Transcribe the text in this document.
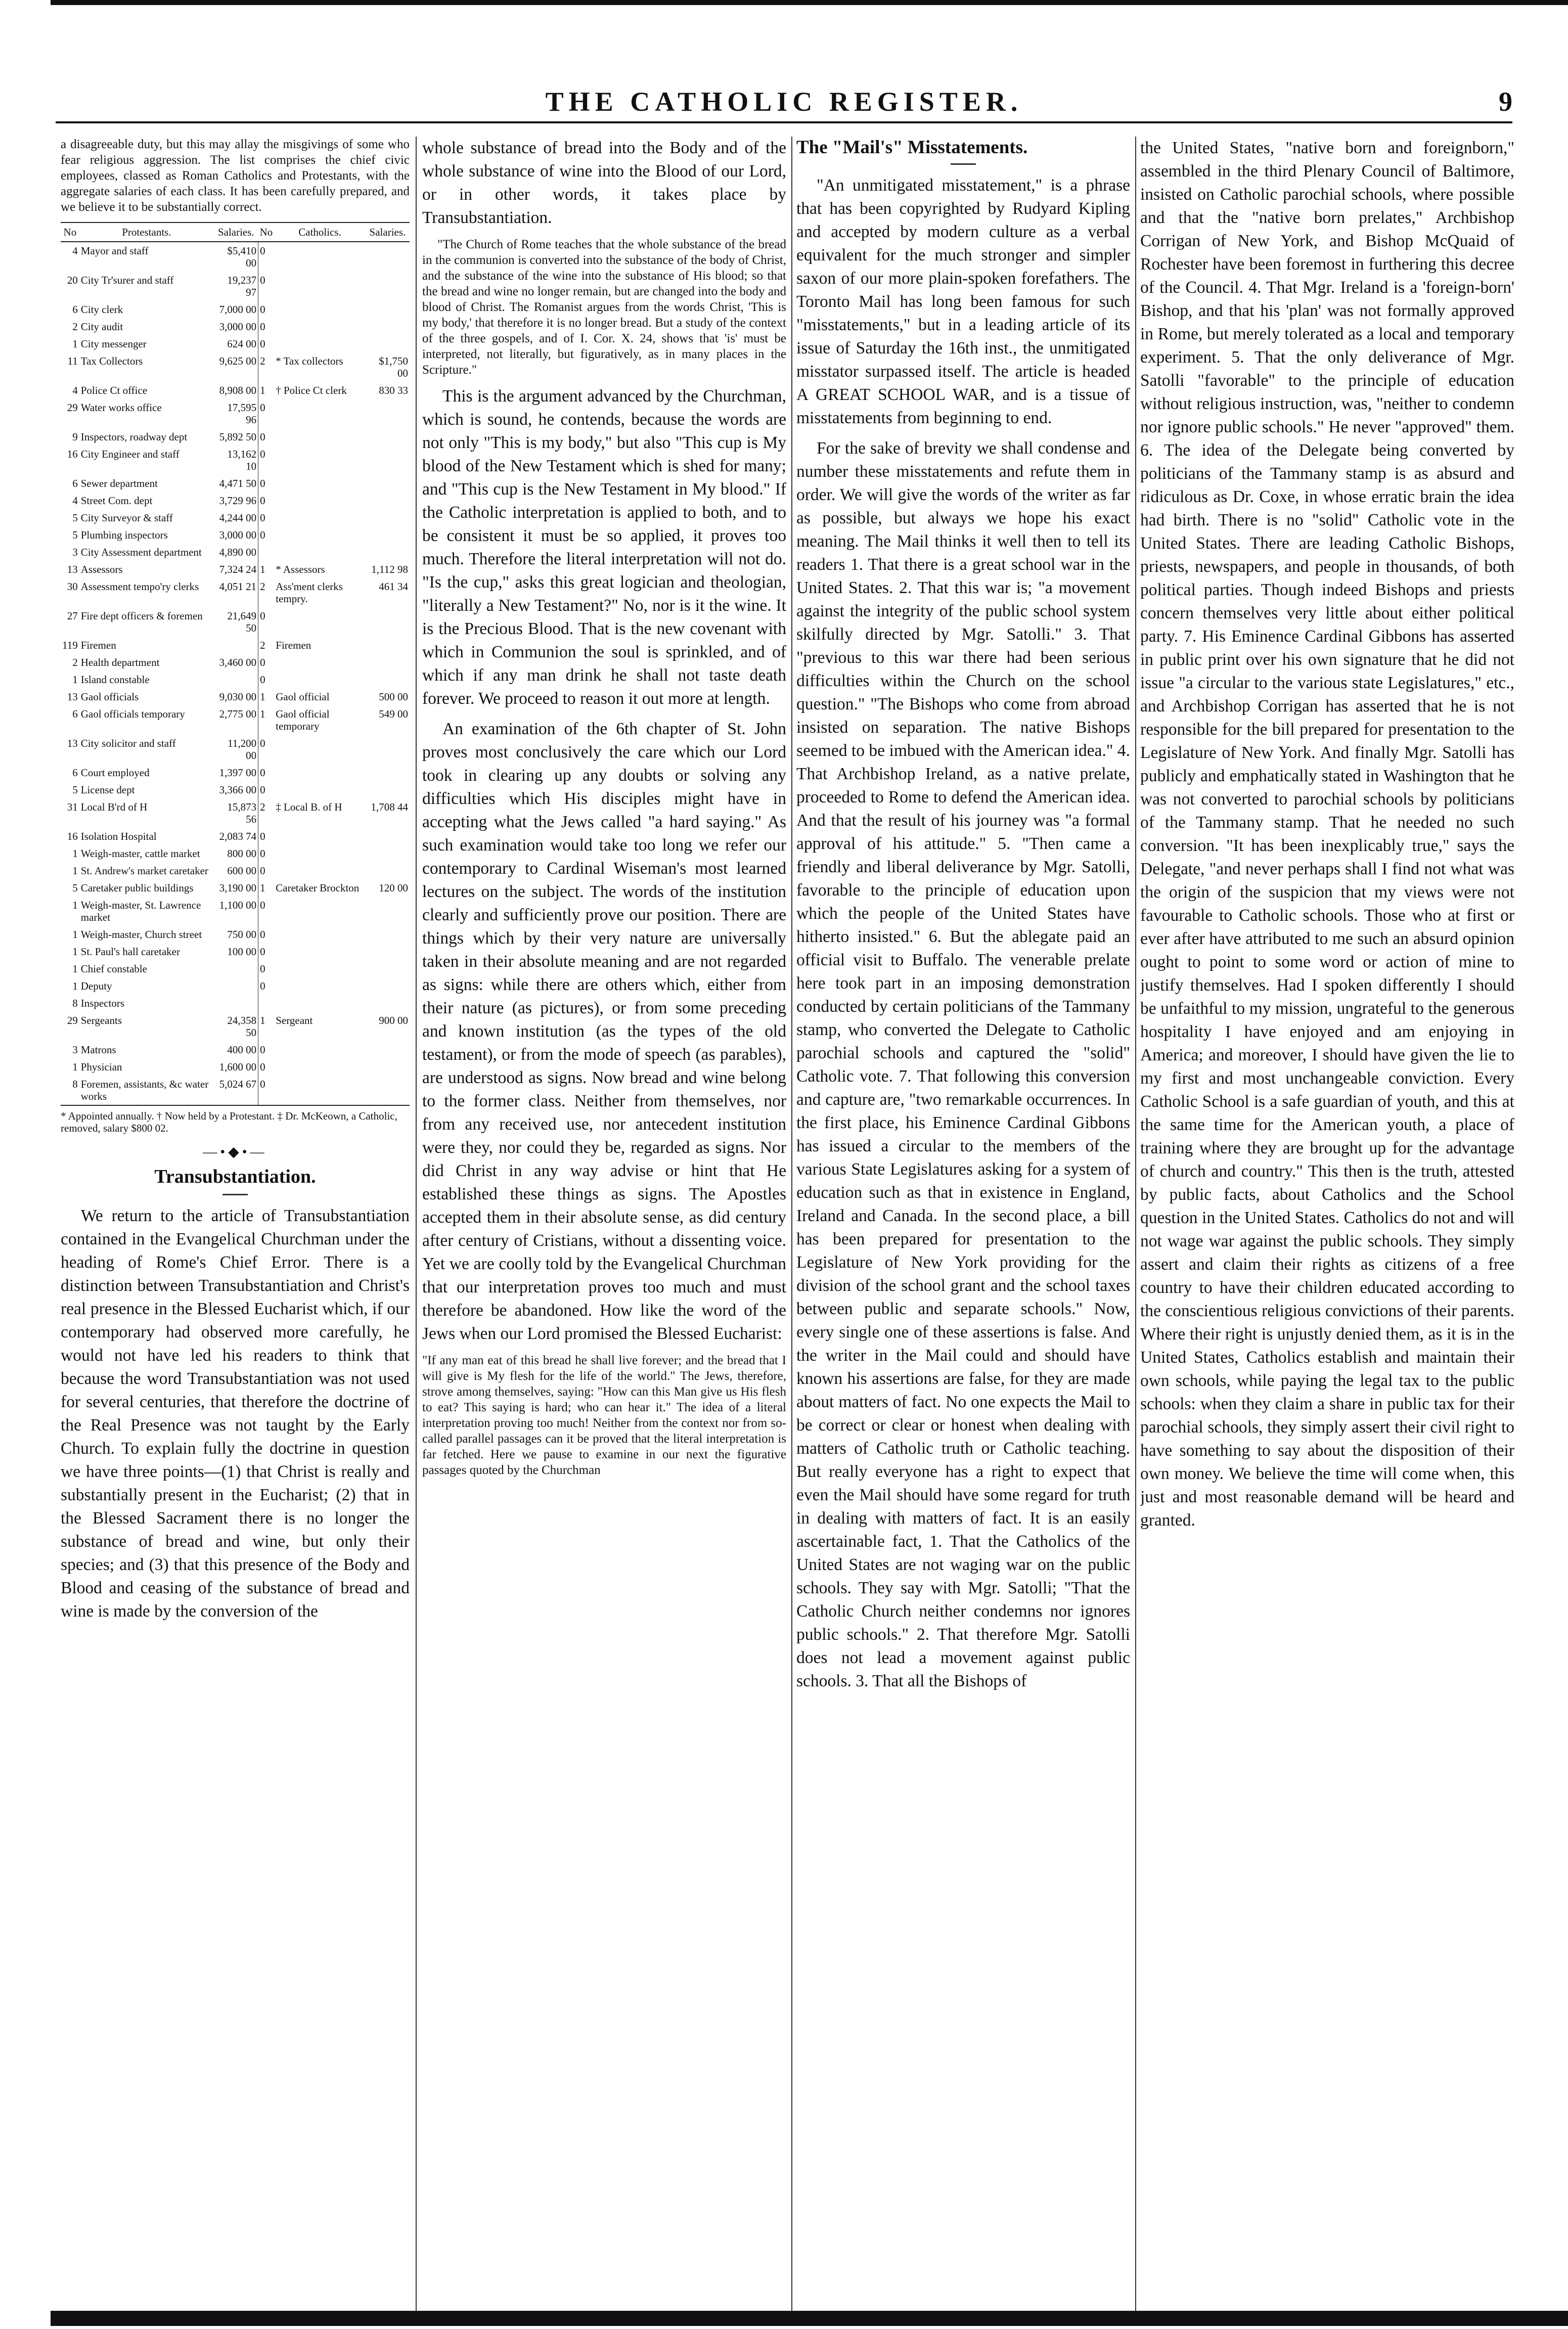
THE CATHOLIC REGISTER.	9

a disagreeable duty, but this may allay the misgivings of some who fear religious aggression. The list comprises the chief civic employees, classed as Roman Catholics and Protestants, with the aggregate salaries of each class. It has been carefully prepared, and we believe it to be substantially correct.

No	Protestants.	Salaries.	No	Catholics.	Salaries.
4	Mayor and staff	$5,410 00	0		
20	City Tr'surer and staff	19,237 97	0		
6	City clerk	7,000 00	0		
2	City audit	3,000 00	0		
1	City messenger	624 00	0		
11	Tax Collectors	9,625 00	2	* Tax collectors	$1,750 00
4	Police Ct office	8,908 00	1	† Police Ct clerk	830 33
29	Water works office	17,595 96	0		
9	Inspectors, roadway dept	5,892 50	0		
16	City Engineer and staff	13,162 10	0		
6	Sewer department	4,471 50	0		
4	Street Com. dept	3,729 96	0		
5	City Surveyor & staff	4,244 00	0		
5	Plumbing inspectors	3,000 00	0		
3	City Assessment department	4,890 00			
13	Assessors	7,324 24	1	* Assessors	1,112 98
30	Assessment tempo'ry clerks	4,051 21	2	Ass'ment clerks tempry.	461 34
27	Fire dept officers & foremen	21,649 50	0		
119	Firemen		2	Firemen	
2	Health department	3,460 00	0		
1	Island constable		0		
13	Gaol officials	9,030 00	1	Gaol official	500 00
6	Gaol officials temporary	2,775 00	1	Gaol official temporary	549 00
13	City solicitor and staff	11,200 00	0		
6	Court employed	1,397 00	0		
5	License dept	3,366 00	0		
31	Local B'rd of H	15,873 56	2	‡ Local B. of H	1,708 44
16	Isolation Hospital	2,083 74	0		
1	Weigh-master, cattle market	800 00	0		
1	St. Andrew's market caretaker	600 00	0		
5	Caretaker public buildings	3,190 00	1	Caretaker Brockton	120 00
1	Weigh-master, St. Lawrence market	1,100 00	0		
1	Weigh-master, Church street	750 00	0		
1	St. Paul's hall caretaker	100 00	0		
1	Chief constable		0		
1	Deputy		0		
8	Inspectors				
29	Sergeants	24,358 50	1	Sergeant	900 00
3	Matrons	400 00	0		
1	Physician	1,600 00	0		
8	Foremen, assistants, &c water works	5,024 67	0		
* Appointed annually. † Now held by a Protestant. ‡ Dr. McKeown, a Catholic, removed, salary $800 02.
—•◆•—
Transubstantiation.

We return to the article of Transubstantiation contained in the Evangelical Churchman under the heading of Rome's Chief Error. There is a distinction between Transubstantiation and Christ's real presence in the Blessed Eucharist which, if our contemporary had observed more carefully, he would not have led his readers to think that because the word Transubstantiation was not used for several centuries, that therefore the doctrine of the Real Presence was not taught by the Early Church. To explain fully the doctrine in question we have three points—(1) that Christ is really and substantially present in the Eucharist; (2) that in the Blessed Sacrament there is no longer the substance of bread and wine, but only their species; and (3) that this presence of the Body and Blood and ceasing of the substance of bread and wine is made by the conversion of the

whole substance of bread into the Body and of the whole substance of wine into the Blood of our Lord, or in other words, it takes place by Transubstantiation.

"The Church of Rome teaches that the whole substance of the bread in the communion is converted into the substance of the body of Christ, and the substance of the wine into the substance of His blood; so that the bread and wine no longer remain, but are changed into the body and blood of Christ. The Romanist argues from the words Christ, 'This is my body,' that therefore it is no longer bread. But a study of the context of the three gospels, and of I. Cor. X. 24, shows that 'is' must be interpreted, not literally, but figuratively, as in many places in the Scripture."

This is the argument advanced by the Churchman, which is sound, he contends, because the words are not only "This is my body," but also "This cup is My blood of the New Testament which is shed for many; and "This cup is the New Testament in My blood." If the Catholic interpretation is applied to both, and to be consistent it must be so applied, it proves too much. Therefore the literal interpretation will not do. "Is the cup," asks this great logician and theologian, "literally a New Testament?" No, nor is it the wine. It is the Precious Blood. That is the new covenant with which in Communion the soul is sprinkled, and of which if any man drink he shall not taste death forever. We proceed to reason it out more at length.

An examination of the 6th chapter of St. John proves most conclusively the care which our Lord took in clearing up any doubts or solving any difficulties which His disciples might have in accepting what the Jews called "a hard saying." As such examination would take too long we refer our contemporary to Cardinal Wiseman's most learned lectures on the subject. The words of the institution clearly and sufficiently prove our position. There are things which by their very nature are universally taken in their absolute meaning and are not regarded as signs: while there are others which, either from their nature (as pictures), or from some preceding and known institution (as the types of the old testament), or from the mode of speech (as parables), are understood as signs. Now bread and wine belong to the former class. Neither from themselves, nor from any received use, nor antecedent institution were they, nor could they be, regarded as signs. Nor did Christ in any way advise or hint that He established these things as signs. The Apostles accepted them in their absolute sense, as did century after century of Cristians, without a dissenting voice. Yet we are coolly told by the Evangelical Churchman that our interpretation proves too much and must therefore be abandoned. How like the word of the Jews when our Lord promised the Blessed Eucharist:

"If any man eat of this bread he shall live forever; and the bread that I will give is My flesh for the life of the world." The Jews, therefore, strove among themselves, saying: "How can this Man give us His flesh to eat? This saying is hard; who can hear it." The idea of a literal interpretation proving too much! Neither from the context nor from so-called parallel passages can it be proved that the literal interpretation is far fetched. Here we pause to examine in our next the figurative passages quoted by the Churchman

The "Mail's" Misstatements.

"An unmitigated misstatement," is a phrase that has been copyrighted by Rudyard Kipling and accepted by modern culture as a verbal equivalent for the much stronger and simpler saxon of our more plain-spoken forefathers. The Toronto Mail has long been famous for such "misstatements," but in a leading article of its issue of Saturday the 16th inst., the unmitigated misstator surpassed itself. The article is headed A GREAT SCHOOL WAR, and is a tissue of misstatements from beginning to end.

For the sake of brevity we shall condense and number these misstatements and refute them in order. We will give the words of the writer as far as possible, but always we hope his exact meaning. The Mail thinks it well then to tell its readers 1. That there is a great school war in the United States. 2. That this war is; "a movement against the integrity of the public school system skilfully directed by Mgr. Satolli." 3. That "previous to this war there had been serious difficulties within the Church on the school question." "The Bishops who come from abroad insisted on separation. The native Bishops seemed to be imbued with the American idea." 4. That Archbishop Ireland, as a native prelate, proceeded to Rome to defend the American idea. And that the result of his journey was "a formal approval of his attitude." 5. "Then came a friendly and liberal deliverance by Mgr. Satolli, favorable to the principle of education upon which the people of the United States have hitherto insisted." 6. But the ablegate paid an official visit to Buffalo. The venerable prelate here took part in an imposing demonstration conducted by certain politicians of the Tammany stamp, who converted the Delegate to Catholic parochial schools and captured the "solid" Catholic vote. 7. That following this conversion and capture are, "two remarkable occurrences. In the first place, his Eminence Cardinal Gibbons has issued a circular to the members of the various State Legislatures asking for a system of education such as that in existence in England, Ireland and Canada. In the second place, a bill has been prepared for presentation to the Legislature of New York providing for the division of the school grant and the school taxes between public and separate schools." Now, every single one of these assertions is false. And the writer in the Mail could and should have known his assertions are false, for they are made about matters of fact. No one expects the Mail to be correct or clear or honest when dealing with matters of Catholic truth or Catholic teaching. But really everyone has a right to expect that even the Mail should have some regard for truth in dealing with matters of fact. It is an easily ascertainable fact, 1. That the Catholics of the United States are not waging war on the public schools. They say with Mgr. Satolli; "That the Catholic Church neither condemns nor ignores public schools." 2. That therefore Mgr. Satolli does not lead a movement against public schools. 3. That all the Bishops of

the United States, "native born and foreignborn," assembled in the third Plenary Council of Baltimore, insisted on Catholic parochial schools, where possible and that the "native born prelates," Archbishop Corrigan of New York, and Bishop McQuaid of Rochester have been foremost in furthering this decree of the Council. 4. That Mgr. Ireland is a 'foreign-born' Bishop, and that his 'plan' was not formally approved in Rome, but merely tolerated as a local and temporary experiment. 5. That the only deliverance of Mgr. Satolli "favorable" to the principle of education without religious instruction, was, "neither to condemn nor ignore public schools." He never "approved" them. 6. The idea of the Delegate being converted by politicians of the Tammany stamp is as absurd and ridiculous as Dr. Coxe, in whose erratic brain the idea had birth. There is no "solid" Catholic vote in the United States. There are leading Catholic Bishops, priests, newspapers, and people in thousands, of both political parties. Though indeed Bishops and priests concern themselves very little about either political party. 7. His Eminence Cardinal Gibbons has asserted in public print over his own signature that he did not issue "a circular to the various state Legislatures," etc., and Archbishop Corrigan has asserted that he is not responsible for the bill prepared for presentation to the Legislature of New York. And finally Mgr. Satolli has publicly and emphatically stated in Washington that he was not converted to parochial schools by politicians of the Tammany stamp. That he needed no such conversion. "It has been inexplicably true," says the Delegate, "and never perhaps shall I find not what was the origin of the suspicion that my views were not favourable to Catholic schools. Those who at first or ever after have attributed to me such an absurd opinion ought to point to some word or action of mine to justify themselves. Had I spoken differently I should be unfaithful to my mission, ungrateful to the generous hospitality I have enjoyed and am enjoying in America; and moreover, I should have given the lie to my first and most unchangeable conviction. Every Catholic School is a safe guardian of youth, and this at the same time for the American youth, a place of training where they are brought up for the advantage of church and country." This then is the truth, attested by public facts, about Catholics and the School question in the United States. Catholics do not and will not wage war against the public schools. They simply assert and claim their rights as citizens of a free country to have their children educated according to the conscientious religious convictions of their parents. Where their right is unjustly denied them, as it is in the United States, Catholics establish and maintain their own schools, while paying the legal tax to the public schools: when they claim a share in public tax for their parochial schools, they simply assert their civil right to have something to say about the disposition of their own money. We believe the time will come when, this just and most reasonable demand will be heard and granted.
